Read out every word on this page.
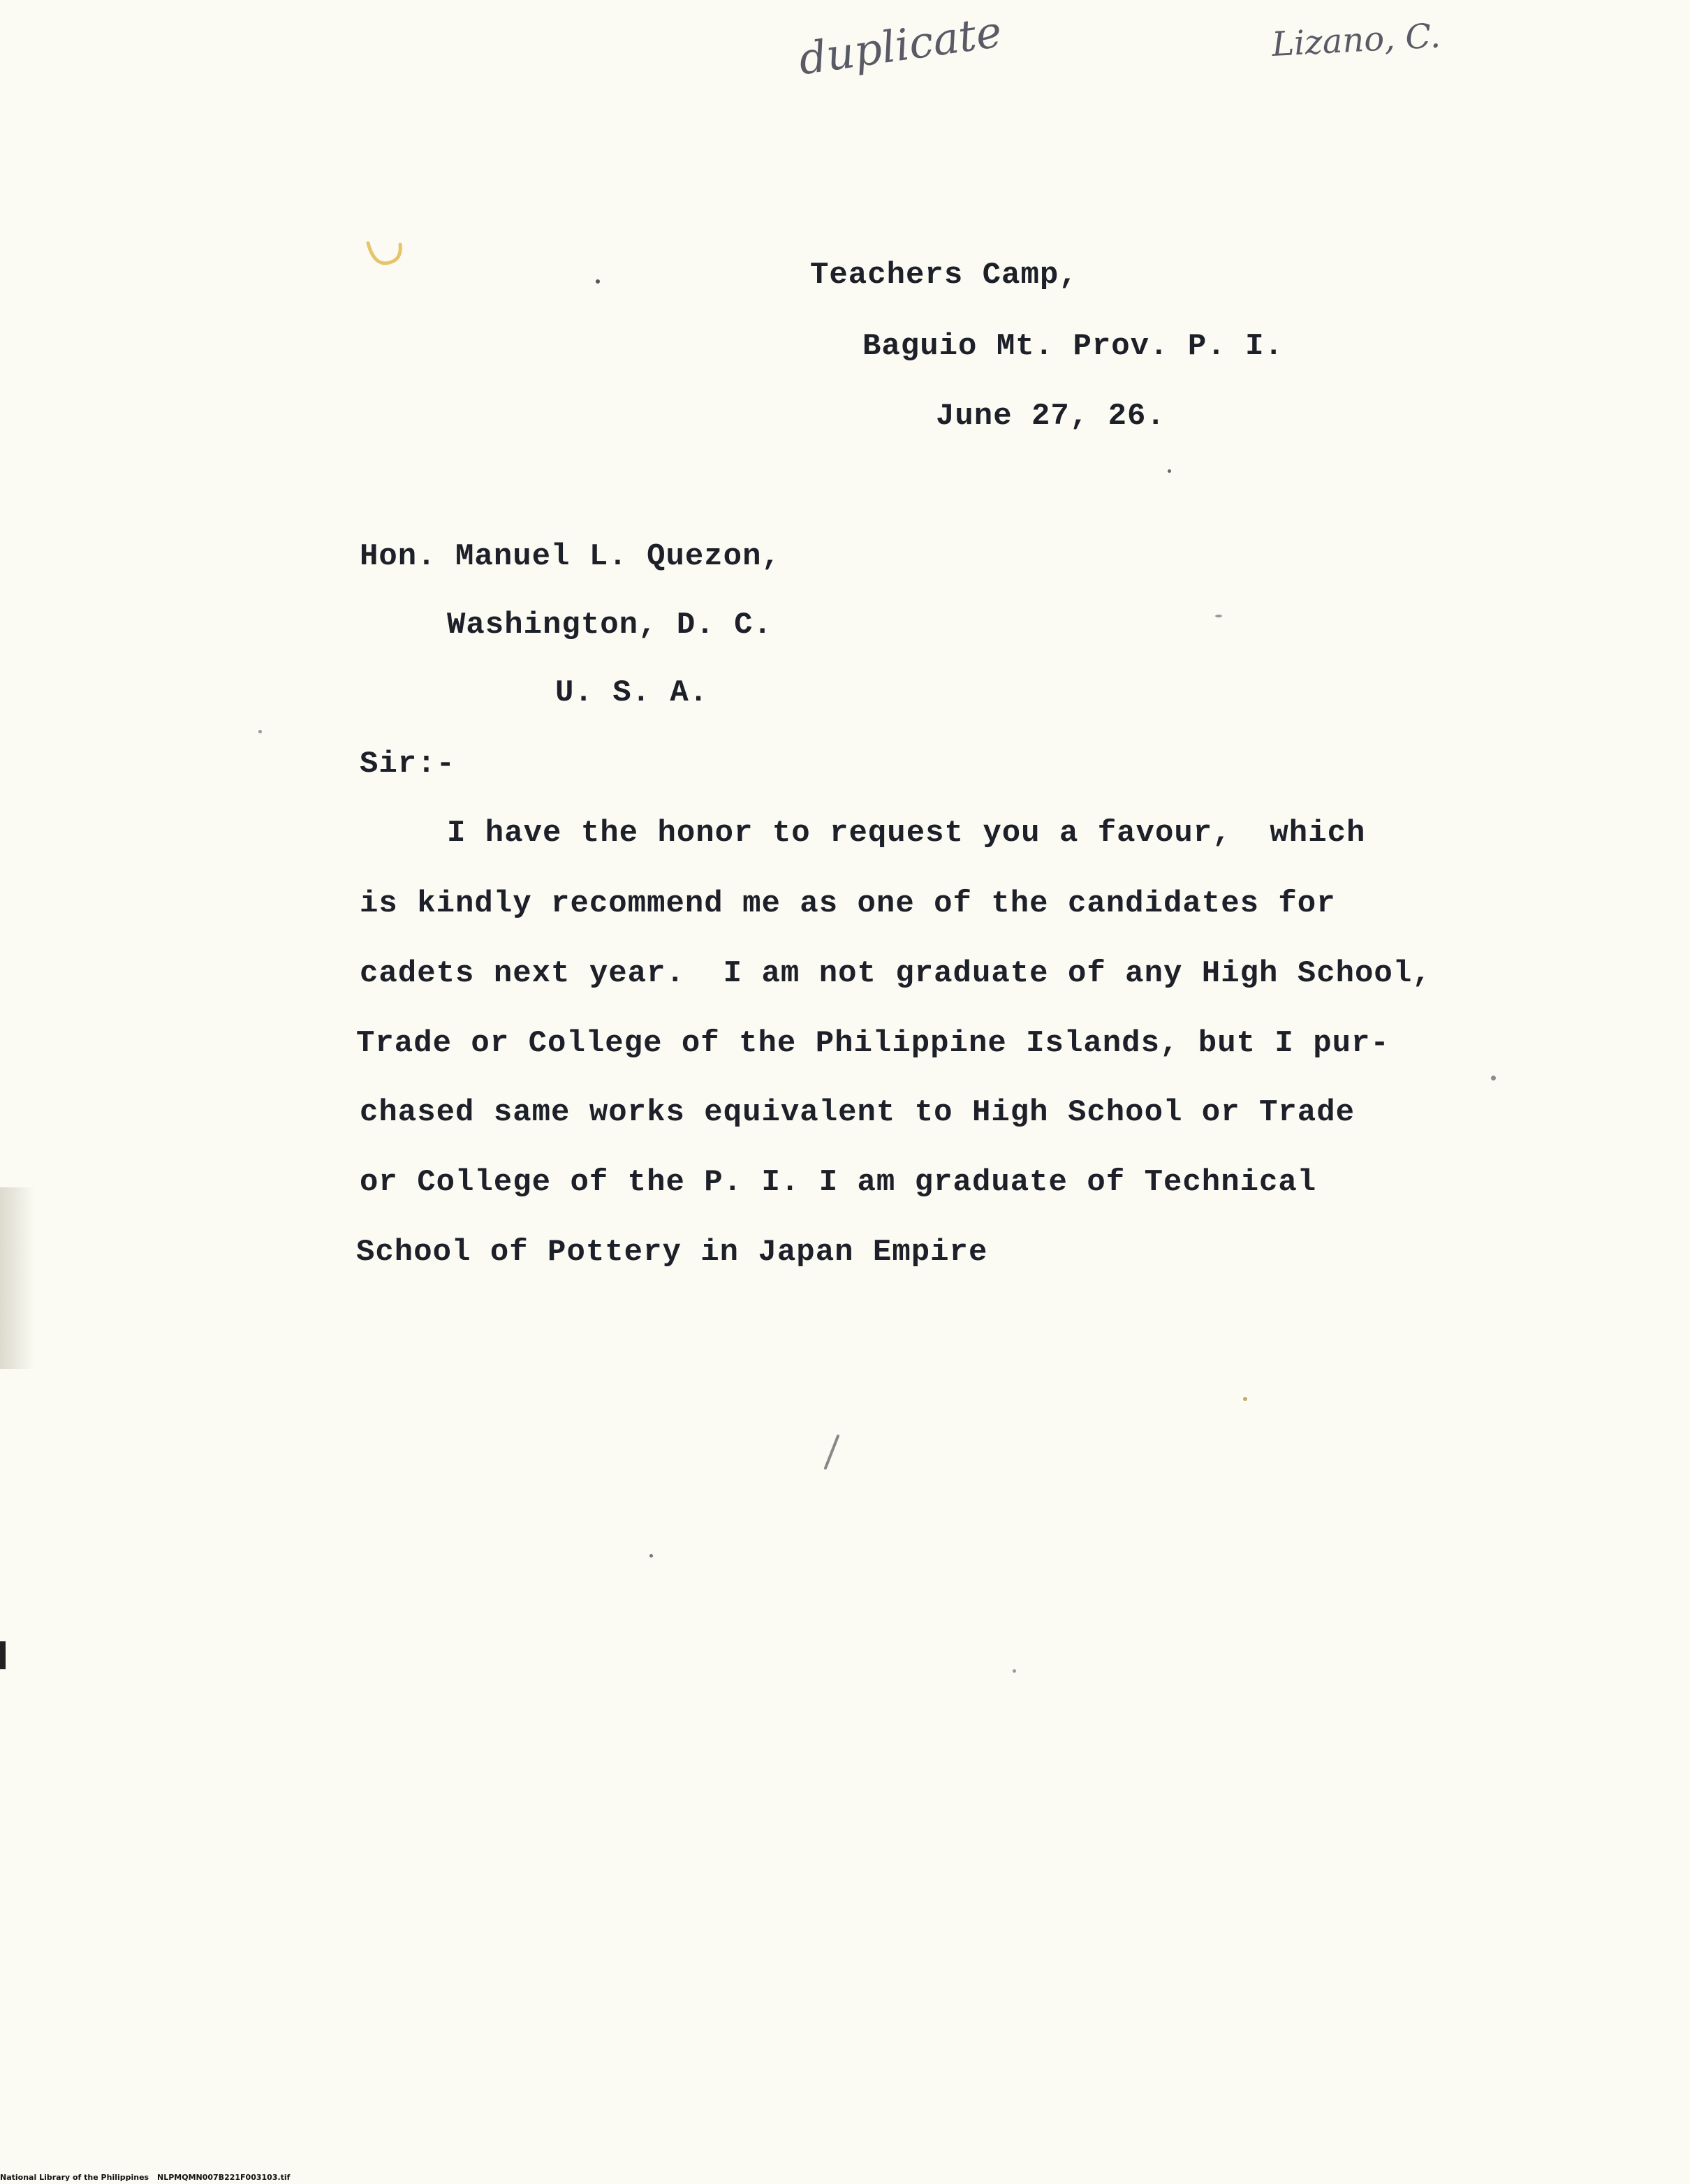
duplicate	Lizano, C.
Teachers Camp,
Baguio Mt. Prov. P. I.
June 27, 26.
Hon. Manuel L. Quezon,
Washington, D. C.
U. S. A.
Sir:-
I have the honor to request you a favour,  which
is kindly recommend me as one of the candidates for
cadets next year.  I am not graduate of any High School,
Trade or College of the Philippine Islands, but I pur-
chased same works equivalent to High School or Trade
or College of the P. I. I am graduate of Technical
School of Pottery in Japan Empire
National Library of the Philippines NLPMQMN007B221F003103.tif
